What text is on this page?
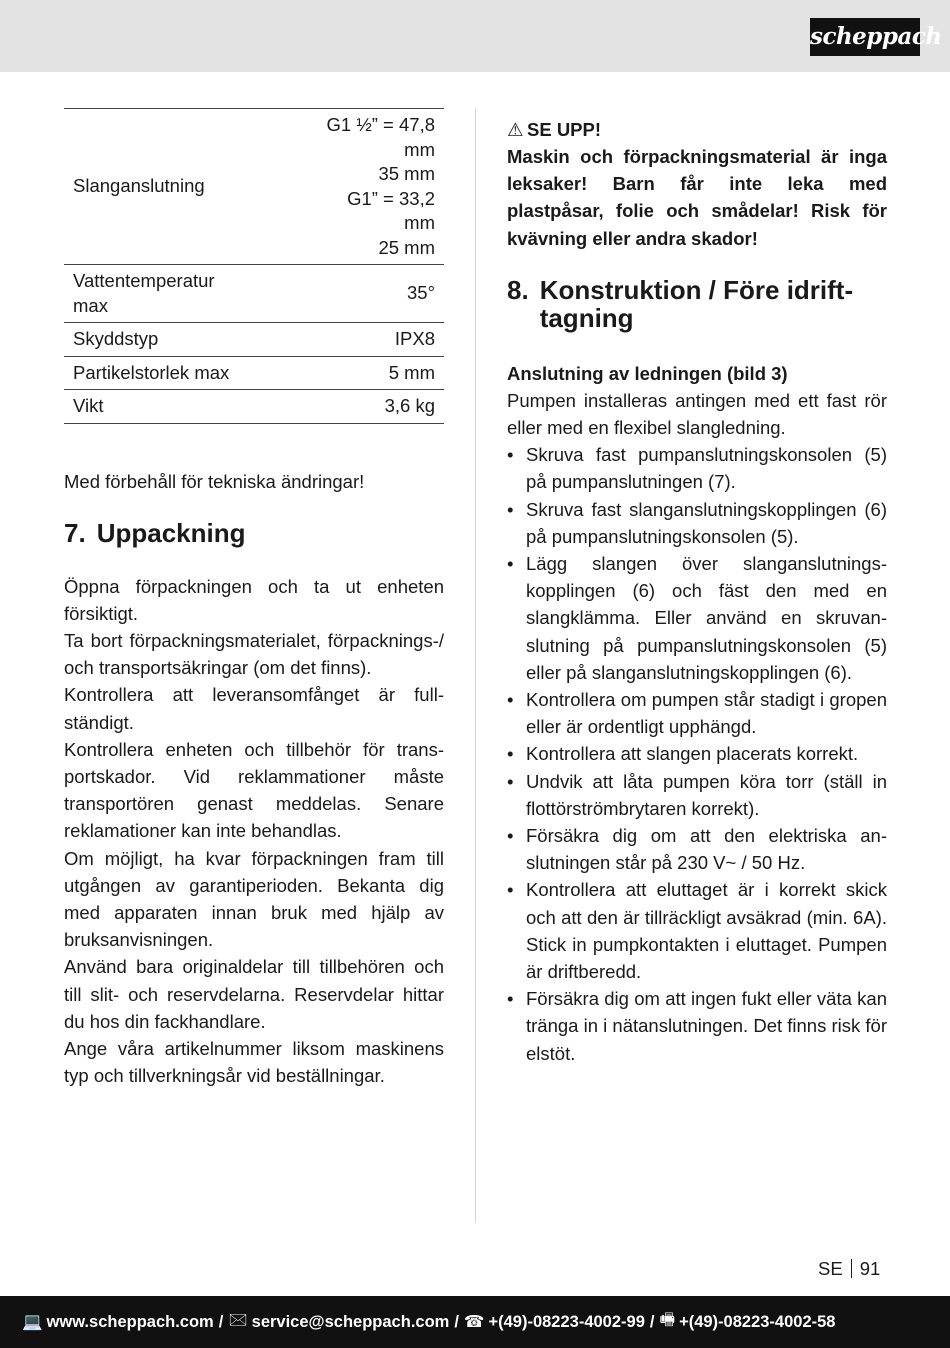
scheppach
Slanganslutning	G1 ½” = 47,8 mm
35 mm
G1” = 33,2 mm
25 mm

Vattentemperatur max	35°
Skyddstyp	IPX8
Partikelstorlek max	5 mm
Vikt	3,6 kg
Med förbehåll för tekniska ändringar!
7. Uppackning

Öppna förpackningen och ta ut enheten försiktigt.

Ta bort förpackningsmaterialet, förpacknings-/ och transportsäkringar (om det finns).

Kontrollera att leveransomfånget är fullständigt.

Kontrollera enheten och tillbehör för transportskador. Vid reklammationer måste transportören genast meddelas. Senare reklamationer kan inte behandlas.

Om möjligt, ha kvar förpackningen fram till utgången av garantiperioden. Bekanta dig med apparaten innan bruk med hjälp av bruksanvisningen.

Använd bara originaldelar till tillbehören och till slit- och reservdelarna. Reservdelar hittar du hos din fackhandlare.

Ange våra artikelnummer liksom maskinens typ och tillverkningsår vid beställningar.

⚠ SE UPP!

Maskin och förpackningsmaterial är inga leksaker! Barn får inte leka med plastpåsar, folie och smådelar! Risk för kvävning eller andra skador!

8. Konstruktion / Före idrifttagning

Anslutning av ledningen (bild 3)

Pumpen installeras antingen med ett fast rör eller med en flexibel slangledning.

• Skruva fast pumpanslutningskonsolen (5) på pumpanslutningen (7).
• Skruva fast slanganslutningskopplingen (6) på pumpanslutningskonsolen (5).
• Lägg slangen över slanganslutningskopplingen (6) och fäst den med en slangklämma. Eller använd en skruvanslutning på pumpanslutningskonsolen (5) eller på slanganslutningskopplingen (6).
• Kontrollera om pumpen står stadigt i gropen eller är ordentligt upphängd.
• Kontrollera att slangen placerats korrekt.
• Undvik att låta pumpen köra torr (ställ in flottörströmbrytaren korrekt).
• Försäkra dig om att den elektriska anslutningen står på 230 V~ / 50 Hz.
• Kontrollera att eluttaget är i korrekt skick och att den är tillräckligt avsäkrad (min. 6A). Stick in pumpkontakten i eluttaget. Pumpen är driftberedd.
• Försäkra dig om att ingen fukt eller väta kan tränga in i nätanslutningen. Det finns risk för elstöt.
SE 91
💻 www.scheppach.com / 🖂 service@scheppach.com / ☎ +(49)-08223-4002-99 / 🖷 +(49)-08223-4002-58
